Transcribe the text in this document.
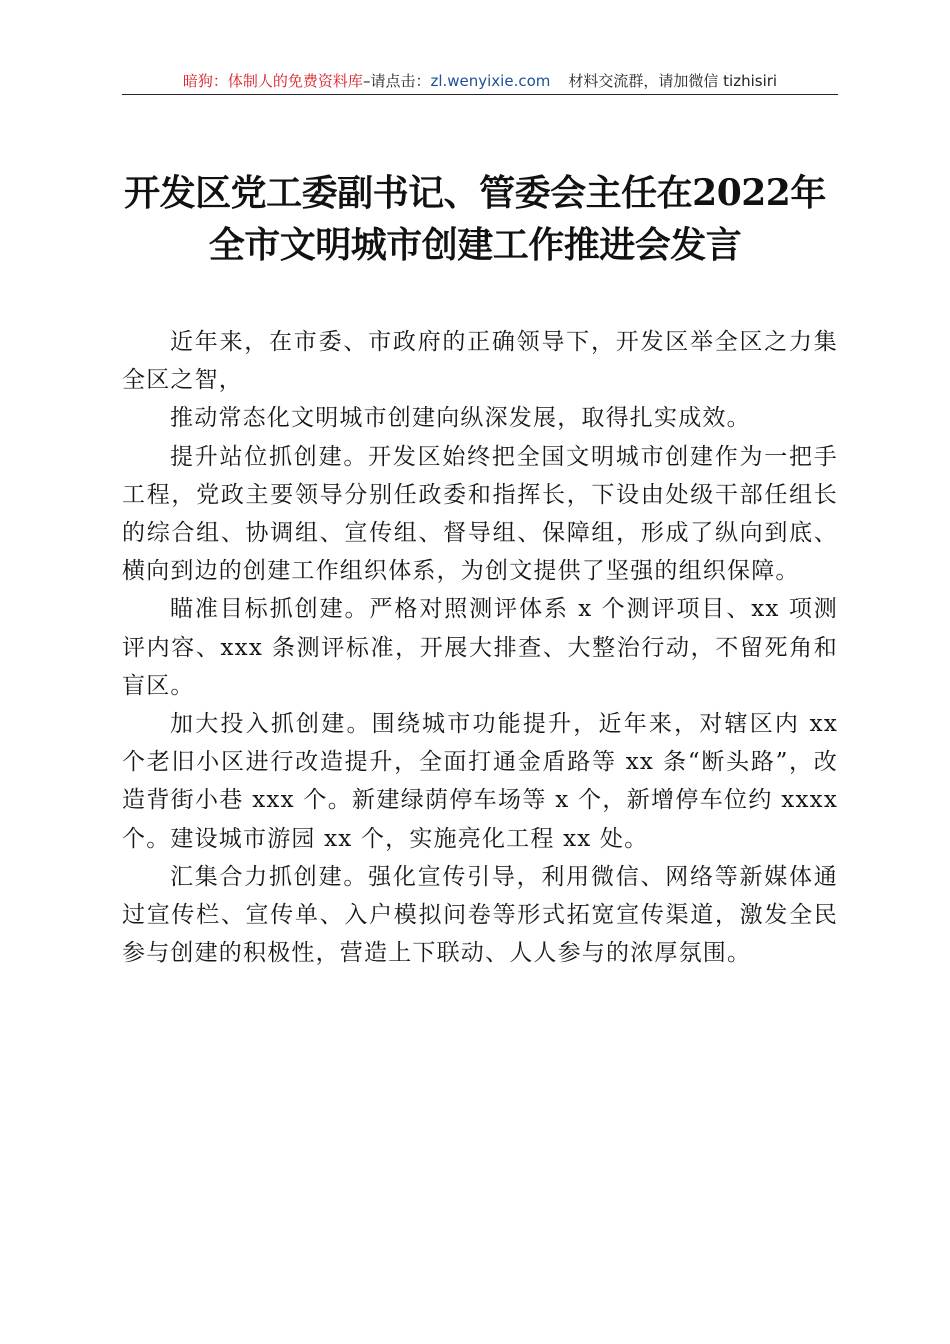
暗狗：体制人的免费资料库–请点击：zl.wenyixie.com 材料交流群，请加微信 tizhisiri
开发区党工委副书记、管委会主任在2022年
全市文明城市创建工作推进会发言

近年来，在市委、市政府的正确领导下，开发区举全区之力集全区之智，

推动常态化文明城市创建向纵深发展，取得扎实成效。

提升站位抓创建。开发区始终把全国文明城市创建作为一把手工程，党政主要领导分别任政委和指挥长，下设由处级干部任组长的综合组、协调组、宣传组、督导组、保障组，形成了纵向到底、横向到边的创建工作组织体系，为创文提供了坚强的组织保障。

瞄准目标抓创建。严格对照测评体系 x 个测评项目、xx 项测评内容、xxx 条测评标准，开展大排查、大整治行动，不留死角和盲区。

加大投入抓创建。围绕城市功能提升，近年来，对辖区内 xx 个老旧小区进行改造提升，全面打通金盾路等 xx 条“断头路”，改造背街小巷 xxx 个。新建绿荫停车场等 x 个，新增停车位约 xxxx 个。建设城市游园 xx 个，实施亮化工程 xx 处。

汇集合力抓创建。强化宣传引导，利用微信、网络等新媒体通过宣传栏、宣传单、入户模拟问卷等形式拓宽宣传渠道，激发全民参与创建的积极性，营造上下联动、人人参与的浓厚氛围。
